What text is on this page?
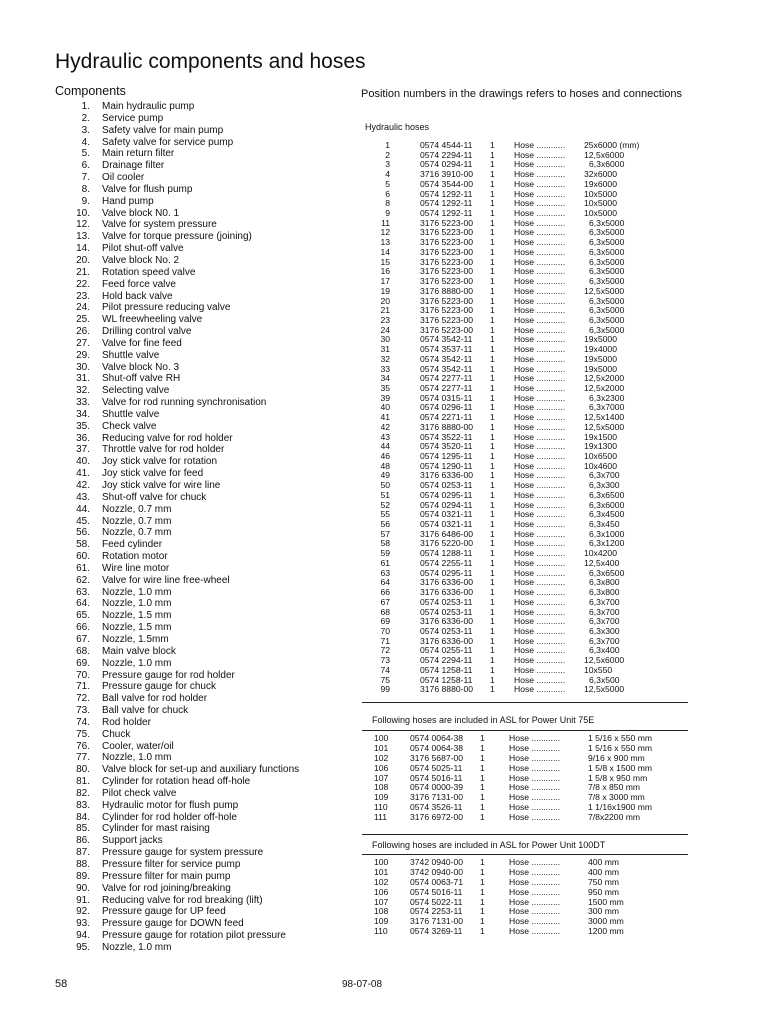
Hydraulic components and hoses
Components
1. Main hydraulic pump
2. Service pump
3. Safety valve for main pump
4. Safety valve for service pump
5. Main return filter
6. Drainage filter
7. Oil cooler
8. Valve for flush pump
9. Hand pump
10. Valve block N0. 1
12. Valve for system pressure
13. Valve for torque pressure (joining)
14. Pilot shut-off valve
20. Valve block No. 2
21. Rotation speed valve
22. Feed force valve
23. Hold back valve
24. Pilot pressure reducing valve
25. WL freewheeling valve
26. Drilling control valve
27. Valve for fine feed
29. Shuttle valve
30. Valve block No. 3
31. Shut-off valve RH
32. Selecting valve
33. Valve for rod running synchronisation
34. Shuttle valve
35. Check valve
36. Reducing valve for rod holder
37. Throttle valve for rod holder
40. Joy stick valve for rotation
41. Joy stick valve for feed
42. Joy stick valve for wire line
43. Shut-off valve for chuck
44. Nozzle, 0.7 mm
45. Nozzle, 0.7 mm
56. Nozzle, 0.7 mm
58. Feed cylinder
60. Rotation motor
61. Wire line motor
62. Valve for wire line free-wheel
63. Nozzle, 1.0 mm
64. Nozzle, 1.0 mm
65. Nozzle, 1.5 mm
66. Nozzle, 1.5 mm
67. Nozzle, 1.5mm
68. Main valve block
69. Nozzle, 1.0 mm
70. Pressure gauge for rod holder
71. Pressure gauge for chuck
72. Ball valve for rod holder
73. Ball valve for chuck
74. Rod holder
75. Chuck
76. Cooler, water/oil
77. Nozzle, 1.0 mm
80. Valve block for set-up and auxiliary functions
81. Cylinder for rotation head off-hole
82. Pilot check valve
83. Hydraulic motor for flush pump
84. Cylinder for rod holder off-hole
85. Cylinder for mast raising
86. Support jacks
87. Pressure gauge for system pressure
88. Pressure filter for service pump
89. Pressure filter for main pump
90. Valve for rod joining/breaking
91. Reducing valve for rod breaking (lift)
92. Pressure gauge for UP feed
93. Pressure gauge for DOWN feed
94. Pressure gauge for rotation pilot pressure
95. Nozzle, 1.0 mm
Position numbers in the drawings refers to hoses and connections
Hydraulic hoses
1	0574 4544-11	1	Hose ............	25x6000 (mm)
2	0574 2294-11	1	Hose ............	12,5x6000
3	0574 0294-11	1	Hose ............	6,3x6000
4	3716 3910-00	1	Hose ............	32x6000
5	0574 3544-00	1	Hose ............	19x6000
6	0574 1292-11	1	Hose ............	10x5000
8	0574 1292-11	1	Hose ............	10x5000
9	0574 1292-11	1	Hose ............	10x5000
11	3176 5223-00	1	Hose ............	6,3x5000
12	3176 5223-00	1	Hose ............	6,3x5000
13	3176 5223-00	1	Hose ............	6,3x5000
14	3176 5223-00	1	Hose ............	6,3x5000
15	3176 5223-00	1	Hose ............	6,3x5000
16	3176 5223-00	1	Hose ............	6,3x5000
17	3176 5223-00	1	Hose ............	6,3x5000
19	3176 8880-00	1	Hose ............	12,5x5000
20	3176 5223-00	1	Hose ............	6,3x5000
21	3176 5223-00	1	Hose ............	6,3x5000
23	3176 5223-00	1	Hose ............	6,3x5000
24	3176 5223-00	1	Hose ............	6,3x5000
30	0574 3542-11	1	Hose ............	19x5000
31	0574 3537-11	1	Hose ............	19x4000
32	0574 3542-11	1	Hose ............	19x5000
33	0574 3542-11	1	Hose ............	19x5000
34	0574 2277-11	1	Hose ............	12,5x2000
35	0574 2277-11	1	Hose ............	12,5x2000
39	0574 0315-11	1	Hose ............	6,3x2300
40	0574 0296-11	1	Hose ............	6,3x7000
41	0574 2271-11	1	Hose ............	12,5x1400
42	3176 8880-00	1	Hose ............	12,5x5000
43	0574 3522-11	1	Hose ............	19x1500
44	0574 3520-11	1	Hose ............	19x1300
46	0574 1295-11	1	Hose ............	10x6500
48	0574 1290-11	1	Hose ............	10x4600
49	3176 6336-00	1	Hose ............	6,3x700
50	0574 0253-11	1	Hose ............	6,3x300
51	0574 0295-11	1	Hose ............	6,3x6500
52	0574 0294-11	1	Hose ............	6,3x6000
55	0574 0321-11	1	Hose ............	6,3x4500
56	0574 0321-11	1	Hose ............	6,3x450
57	3176 6486-00	1	Hose ............	6,3x1000
58	3176 5220-00	1	Hose ............	6,3x1200
59	0574 1288-11	1	Hose ............	10x4200
61	0574 2255-11	1	Hose ............	12,5x400
63	0574 0295-11	1	Hose ............	6,3x6500
64	3176 6336-00	1	Hose ............	6,3x800
66	3176 6336-00	1	Hose ............	6,3x800
67	0574 0253-11	1	Hose ............	6,3x700
68	0574 0253-11	1	Hose ............	6,3x700
69	3176 6336-00	1	Hose ............	6,3x700
70	0574 0253-11	1	Hose ............	6,3x300
71	3176 6336-00	1	Hose ............	6,3x700
72	0574 0255-11	1	Hose ............	6,3x400
73	0574 2294-11	1	Hose ............	12,5x6000
74	0574 1258-11	1	Hose ............	10x550
75	0574 1258-11	1	Hose ............	6,3x500
99	3176 8880-00	1	Hose ............	12,5x5000
Following hoses are included in ASL for Power Unit 75E
100	0574 0064-38	1	Hose ............	1 5/16 x 550 mm
101	0574 0064-38	1	Hose ............	1 5/16 x 550 mm
102	3176 5687-00	1	Hose ............	9/16 x 900 mm
106	0574 5025-11	1	Hose ............	1 5/8 x 1500 mm
107	0574 5016-11	1	Hose ............	1 5/8 x 950 mm
108	0574 0000-39	1	Hose ............	7/8 x 850 mm
109	3176 7131-00	1	Hose ............	7/8 x 3000 mm
110	0574 3526-11	1	Hose ............	1 1/16x1900 mm
111	3176 6972-00	1	Hose ............	7/8x2200 mm
Following hoses are included in ASL for Power Unit 100DT
100	3742 0940-00	1	Hose ............	400 mm
101	3742 0940-00	1	Hose ............	400 mm
102	0574 0063-71	1	Hose ............	750 mm
106	0574 5016-11	1	Hose ............	950 mm
107	0574 5022-11	1	Hose ............	1500 mm
108	0574 2253-11	1	Hose ............	300 mm
109	3176 7131-00	1	Hose ............	3000 mm
110	0574 3269-11	1	Hose ............	1200 mm
58	98-07-08
